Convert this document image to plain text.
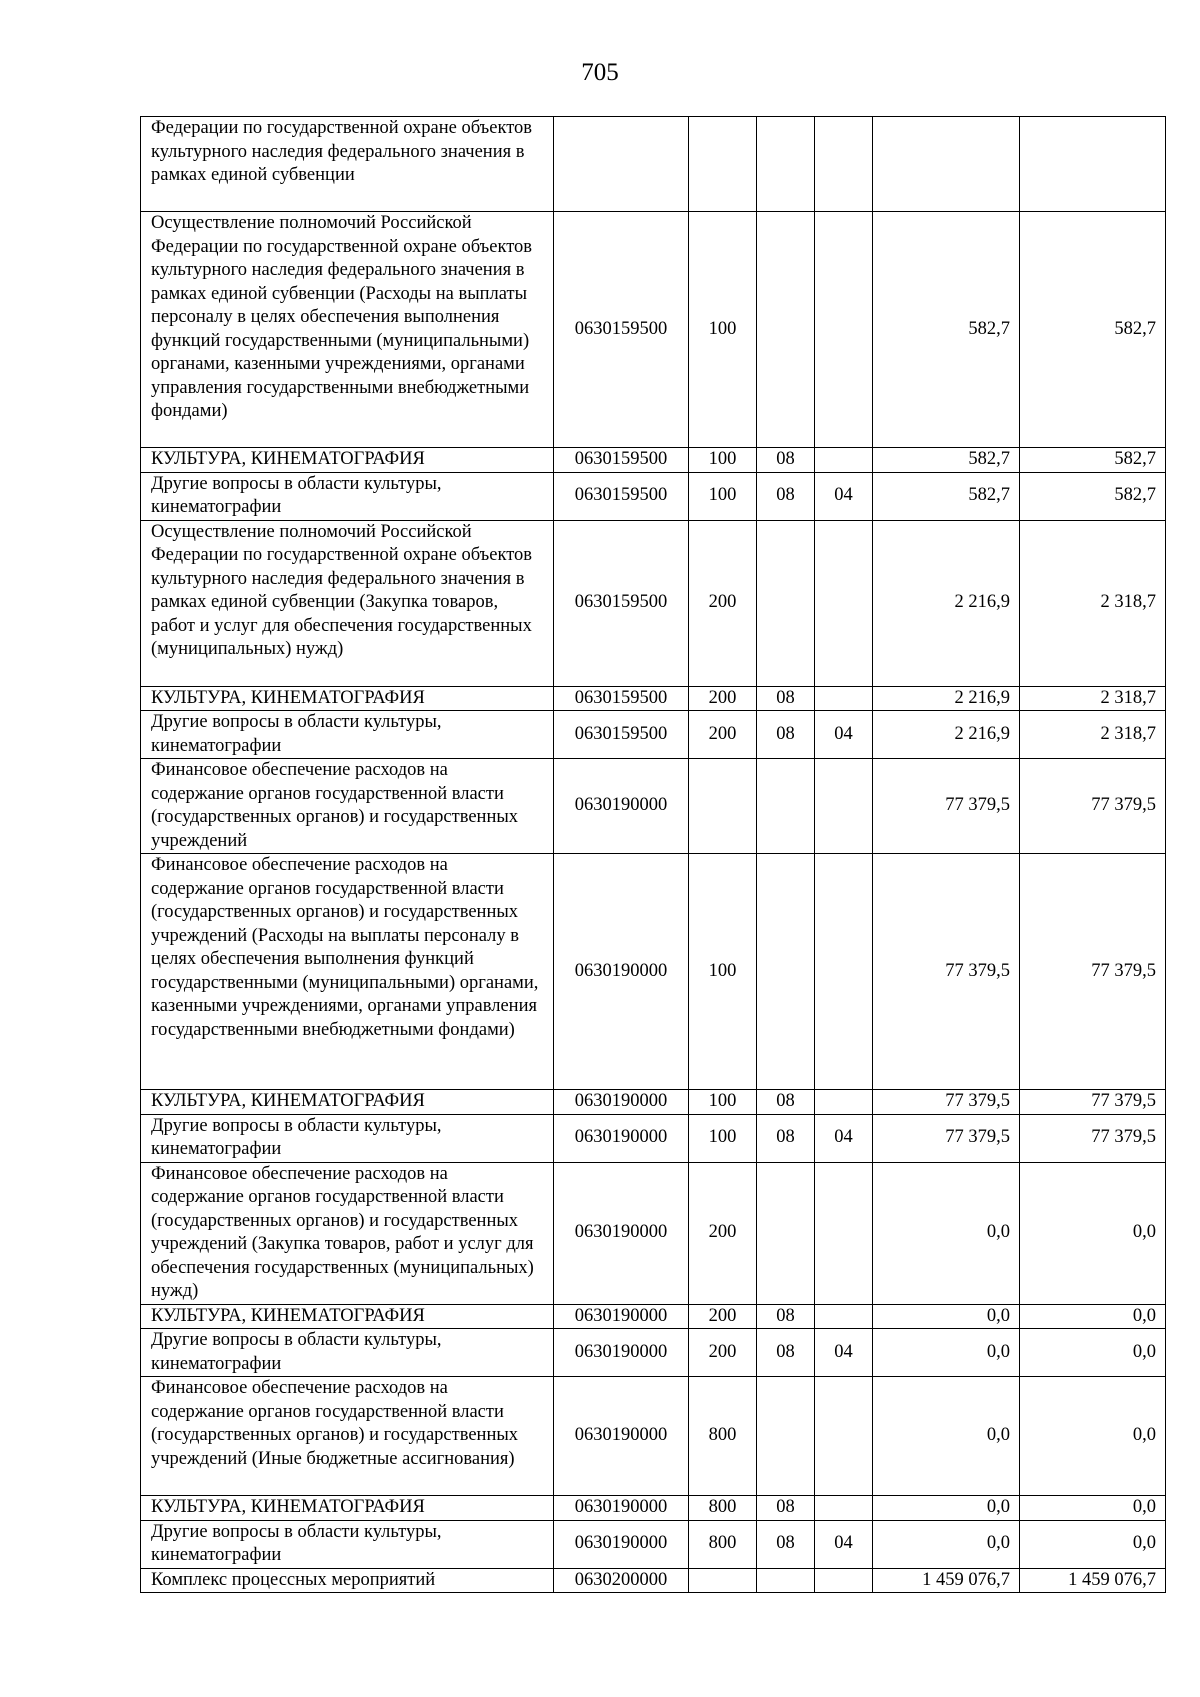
705
Федерации по государственной охране объектов культурного наследия федерального значения в рамках единой субвенции						
Осуществление полномочий Российской Федерации по государственной охране объектов культурного наследия федерального значения в рамках единой субвенции (Расходы на выплаты персоналу в целях обеспечения выполнения функций государственными (муниципальными) органами, казенными учреждениями, органами управления государственными внебюджетными фондами)	0630159500	100			582,7	582,7
КУЛЬТУРА, КИНЕМАТОГРАФИЯ	0630159500	100	08		582,7	582,7
Другие вопросы в области культуры, кинематографии	0630159500	100	08	04	582,7	582,7
Осуществление полномочий Российской Федерации по государственной охране объектов культурного наследия федерального значения в рамках единой субвенции (Закупка товаров, работ и услуг для обеспечения государственных (муниципальных) нужд)	0630159500	200			2 216,9	2 318,7
КУЛЬТУРА, КИНЕМАТОГРАФИЯ	0630159500	200	08		2 216,9	2 318,7
Другие вопросы в области культуры, кинематографии	0630159500	200	08	04	2 216,9	2 318,7
Финансовое обеспечение расходов на содержание органов государственной власти (государственных органов) и государственных учреждений	0630190000				77 379,5	77 379,5
Финансовое обеспечение расходов на содержание органов государственной власти (государственных органов) и государственных учреждений (Расходы на выплаты персоналу в целях обеспечения выполнения функций государственными (муниципальными) органами, казенными учреждениями, органами управления государственными внебюджетными фондами)	0630190000	100			77 379,5	77 379,5
КУЛЬТУРА, КИНЕМАТОГРАФИЯ	0630190000	100	08		77 379,5	77 379,5
Другие вопросы в области культуры, кинематографии	0630190000	100	08	04	77 379,5	77 379,5
Финансовое обеспечение расходов на содержание органов государственной власти (государственных органов) и государственных учреждений (Закупка товаров, работ и услуг для обеспечения государственных (муниципальных) нужд)	0630190000	200			0,0	0,0
КУЛЬТУРА, КИНЕМАТОГРАФИЯ	0630190000	200	08		0,0	0,0
Другие вопросы в области культуры, кинематографии	0630190000	200	08	04	0,0	0,0
Финансовое обеспечение расходов на содержание органов государственной власти (государственных органов) и государственных учреждений (Иные бюджетные ассигнования)	0630190000	800			0,0	0,0
КУЛЬТУРА, КИНЕМАТОГРАФИЯ	0630190000	800	08		0,0	0,0
Другие вопросы в области культуры, кинематографии	0630190000	800	08	04	0,0	0,0
Комплекс процессных мероприятий	0630200000				1 459 076,7	1 459 076,7
